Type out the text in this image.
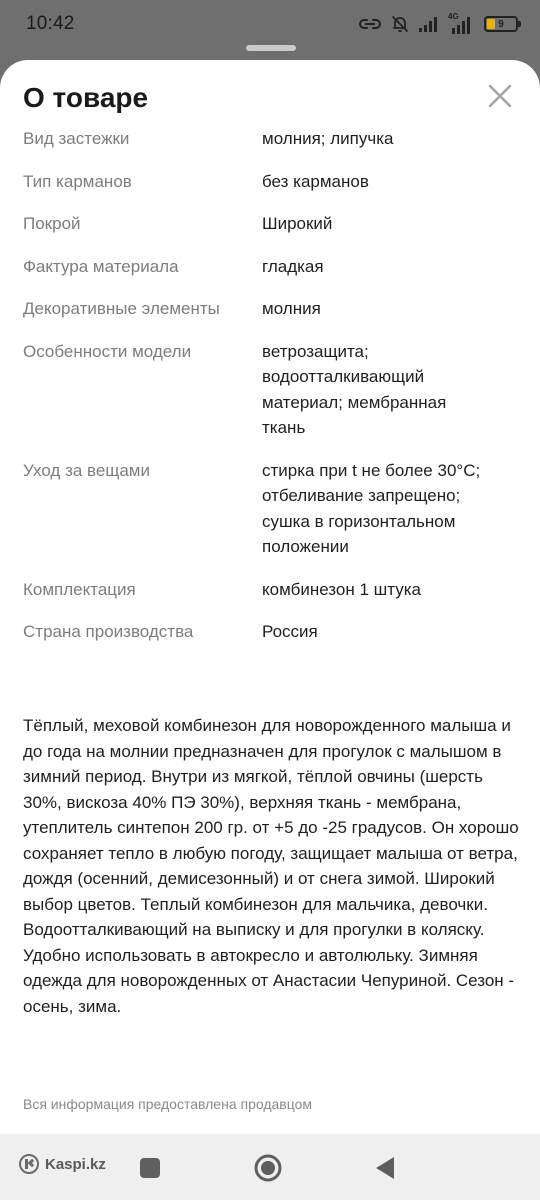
10:42	4G
9
О товаре
Вид застежки	молния; липучка
Тип карманов	без карманов
Покрой	Широкий
Фактура материала	гладкая
Декоративные элементы	молния
Особенности модели	ветрозащита; водоотталкивающий материал; мембранная ткань
Уход за вещами	стирка при t не более 30°C; отбеливание запрещено; сушка в горизонтальном положении
Комплектация	комбинезон 1 штука
Страна производства	Россия

Тёплый, меховой комбинезон для новорожденного малыша и до года на молнии предназначен для прогулок с малышом в зимний период. Внутри из мягкой, тёплой овчины (шерсть 30%, вискоза 40% ПЭ 30%), верхняя ткань - мембрана, утеплитель синтепон 200 гр. от +5 до -25 градусов. Он хорошо сохраняет тепло в любую погоду, защищает малыша от ветра, дождя (осенний, демисезонный) и от снега зимой. Широкий выбор цветов. Теплый комбинезон для мальчика, девочки. Водоотталкивающий на выписку и для прогулки в коляску. Удобно использовать в автокресло и автолюльку. Зимняя одежда для новорожденных от Анастасии Чепуриной. Сезон - осень, зима.

Вся информация предоставлена продавцом
Kaspi.kz
